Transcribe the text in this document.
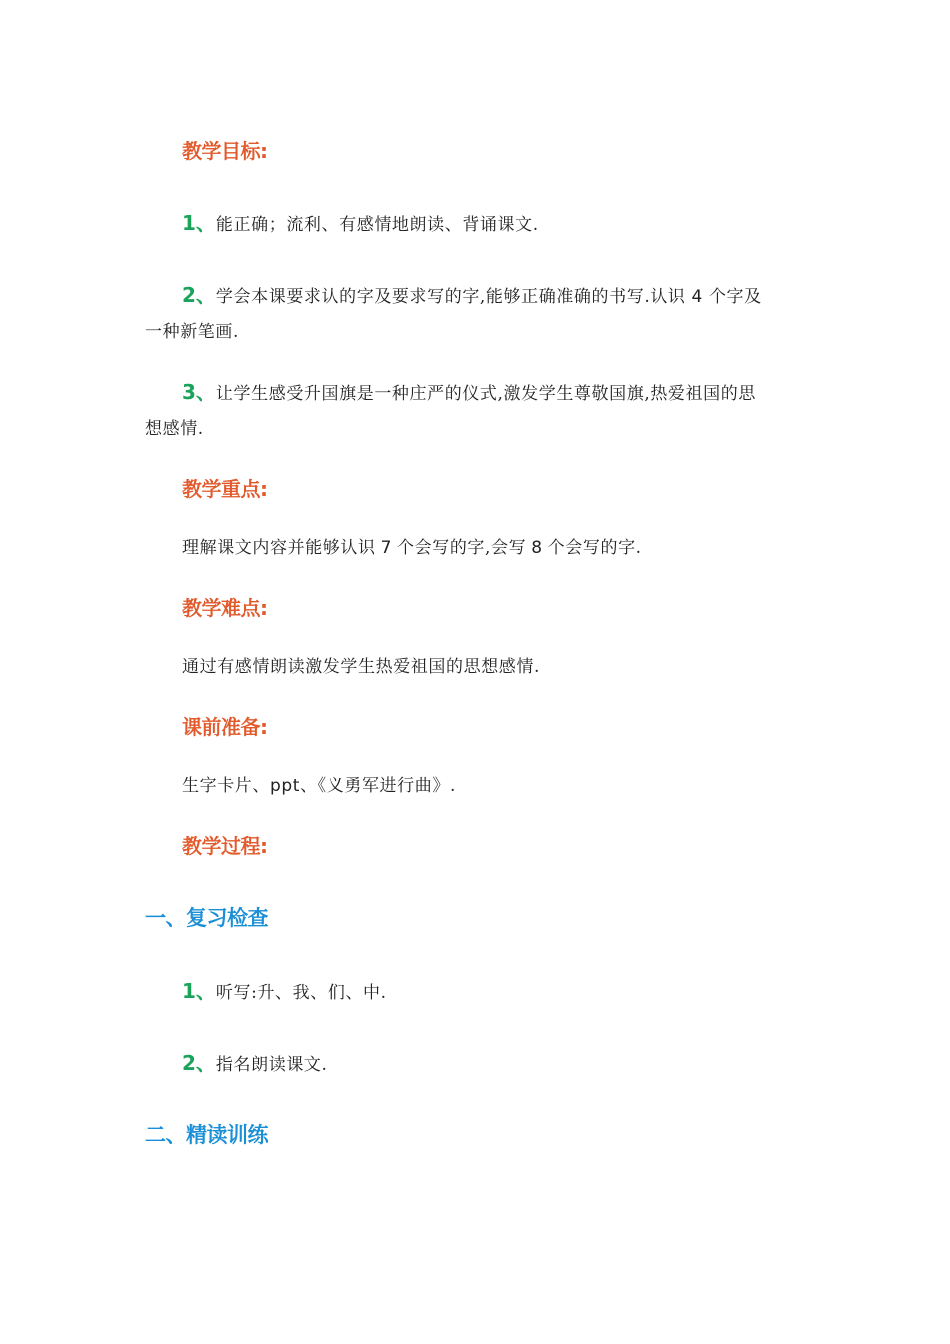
教学目标:
1、能正确；流利、有感情地朗读、背诵课文.
2、学会本课要求认的字及要求写的字,能够正确准确的书写.认识 4 个字及
一种新笔画.
3、让学生感受升国旗是一种庄严的仪式,激发学生尊敬国旗,热爱祖国的思
想感情.
教学重点:
理解课文内容并能够认识 7 个会写的字,会写 8 个会写的字.
教学难点:
通过有感情朗读激发学生热爱祖国的思想感情.
课前准备:
生字卡片、ppt、《义勇军进行曲》.
教学过程:
一、复习检查
1、听写:升、我、们、中.
2、指名朗读课文.
二、精读训练
